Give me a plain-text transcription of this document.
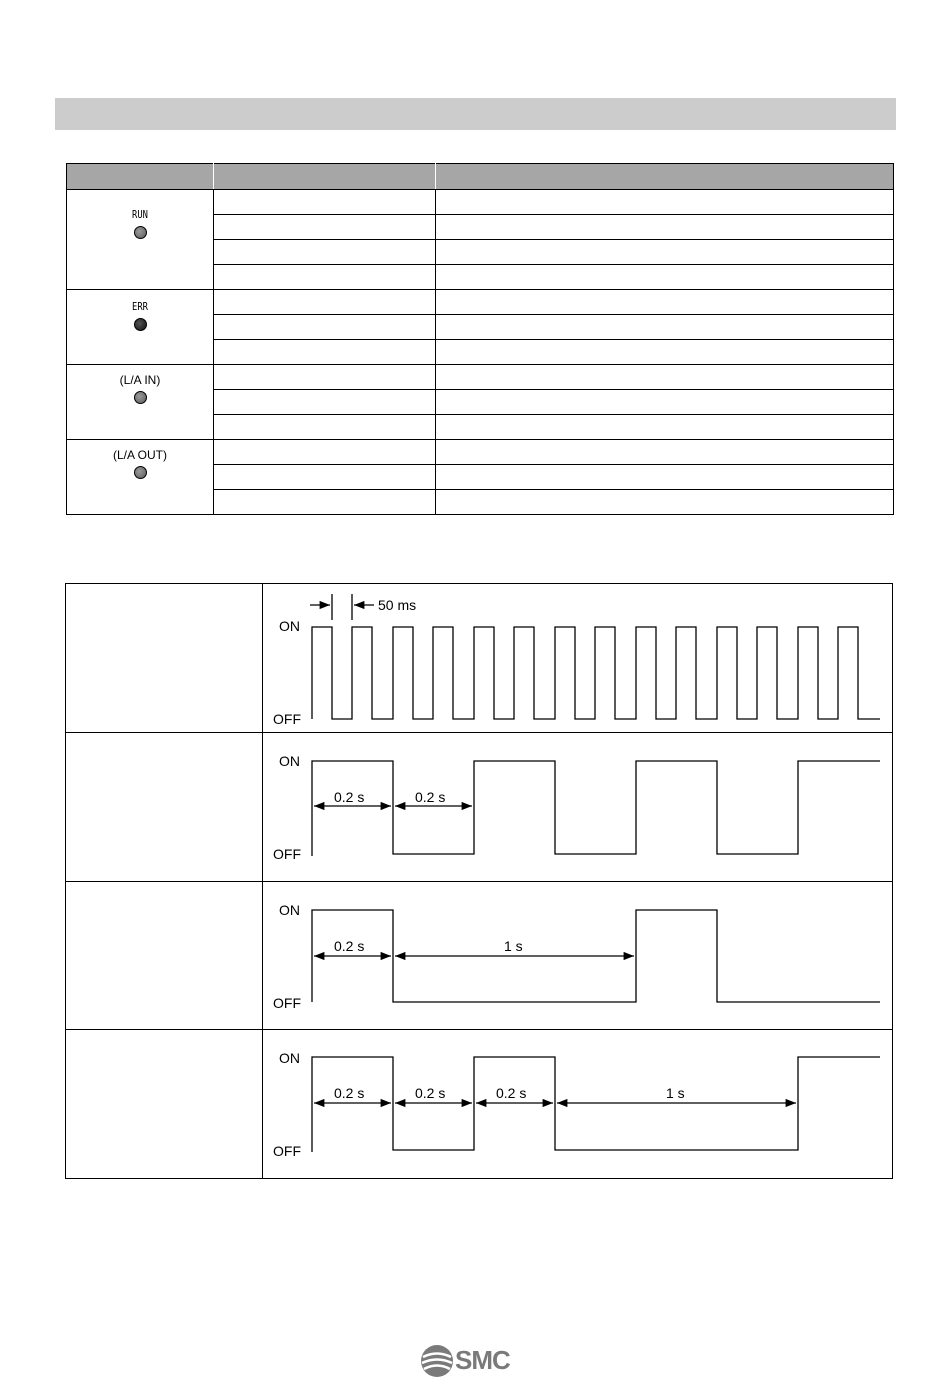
RUN		

ERR		

(L/A IN)		

(L/A OUT)		

ON
OFF
50 ms
ON
OFF
0.2 s	0.2 s
ON
OFF
0.2 s	1 s
ON
OFF
0.2 s	0.2 s	0.2 s	1 s
SMC
